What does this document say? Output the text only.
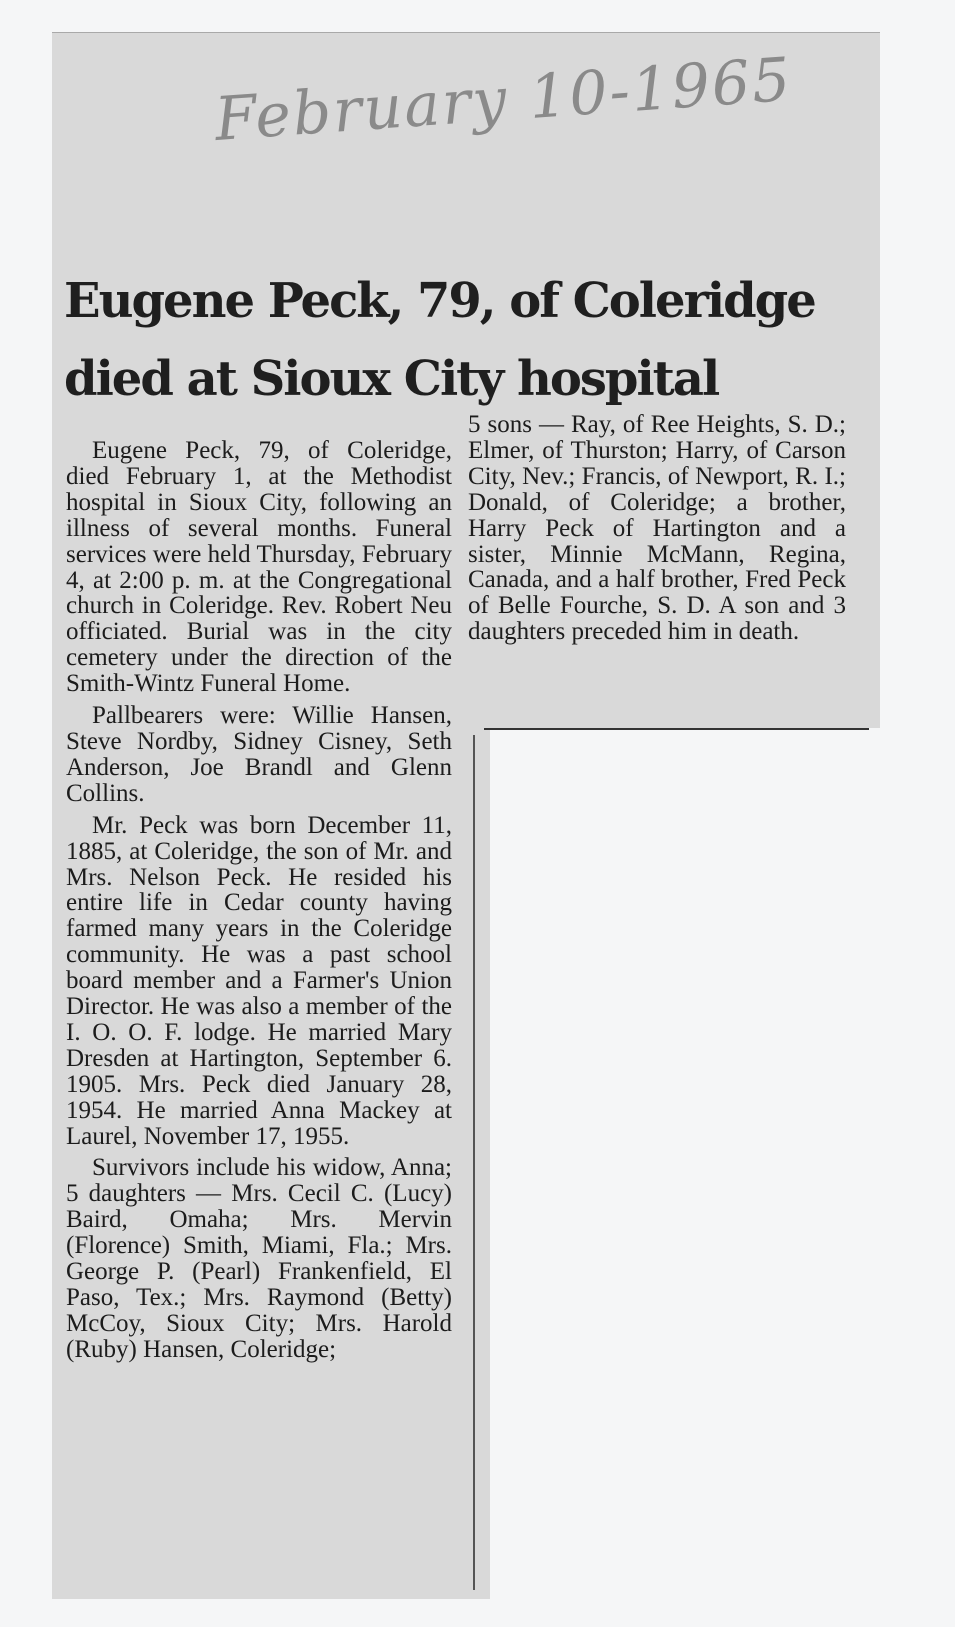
February 10-1965

Eugene Peck, 79, of Coleridge
died at Sioux City hospital

Eugene Peck, 79, of Coleridge, died February 1, at the Methodist hospital in Sioux City, following an illness of several months. Funeral services were held Thursday, February 4, at 2:00 p. m. at the Congregational church in Coleridge. Rev. Robert Neu officiated. Burial was in the city cemetery under the direction of the Smith-Wintz Funeral Home.

Pallbearers were: Willie Hansen, Steve Nordby, Sidney Cisney, Seth Anderson, Joe Brandl and Glenn Collins.

Mr. Peck was born December 11, 1885, at Coleridge, the son of Mr. and Mrs. Nelson Peck. He resided his entire life in Cedar county having farmed many years in the Coleridge community. He was a past school board member and a Farmer's Union Director. He was also a member of the I. O. O. F. lodge. He married Mary Dresden at Hartington, September 6. 1905. Mrs. Peck died January 28, 1954. He married Anna Mackey at Laurel, November 17, 1955.

Survivors include his widow, Anna; 5 daughters — Mrs. Cecil C. (Lucy) Baird, Omaha; Mrs. Mervin (Florence) Smith, Miami, Fla.; Mrs. George P. (Pearl) Frankenfield, El Paso, Tex.; Mrs. Raymond (Betty) McCoy, Sioux City; Mrs. Harold (Ruby) Hansen, Coleridge;

5 sons — Ray, of Ree Heights, S. D.; Elmer, of Thurston; Harry, of Carson City, Nev.; Francis, of Newport, R. I.; Donald, of Coleridge; a brother, Harry Peck of Hartington and a sister, Minnie McMann, Regina, Canada, and a half brother, Fred Peck of Belle Fourche, S. D. A son and 3 daughters preceded him in death.
